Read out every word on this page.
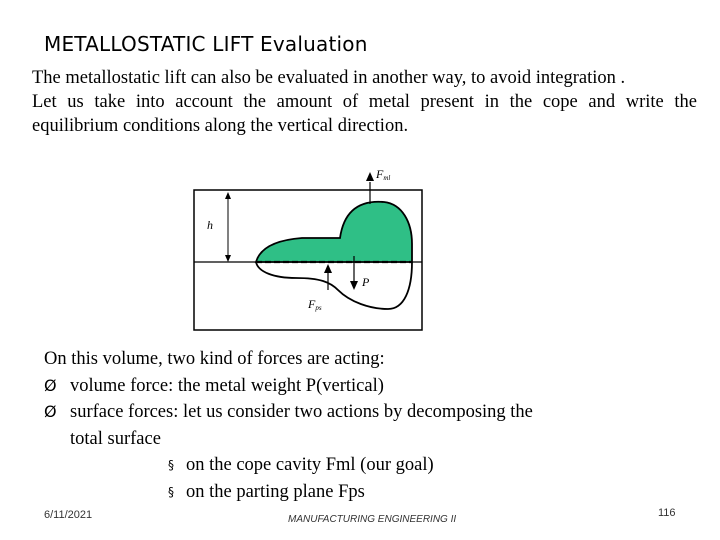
METALLOSTATIC LIFT Evaluation

The metallostatic lift can also be evaluated in another way, to avoid integration .

Let us take into account the amount of metal present in the cope and write the equilibrium conditions along the vertical direction.

h
Fml
P
Fps
On this volume, two kind of forces are acting:
Ø volume force: the metal weight P(vertical)
Ø surface forces: let us consider two actions by decomposing the
total surface
§ on the cope cavity Fml (our goal)
§ on the parting plane Fps
6/11/2021	MANUFACTURING ENGINEERING II
116
